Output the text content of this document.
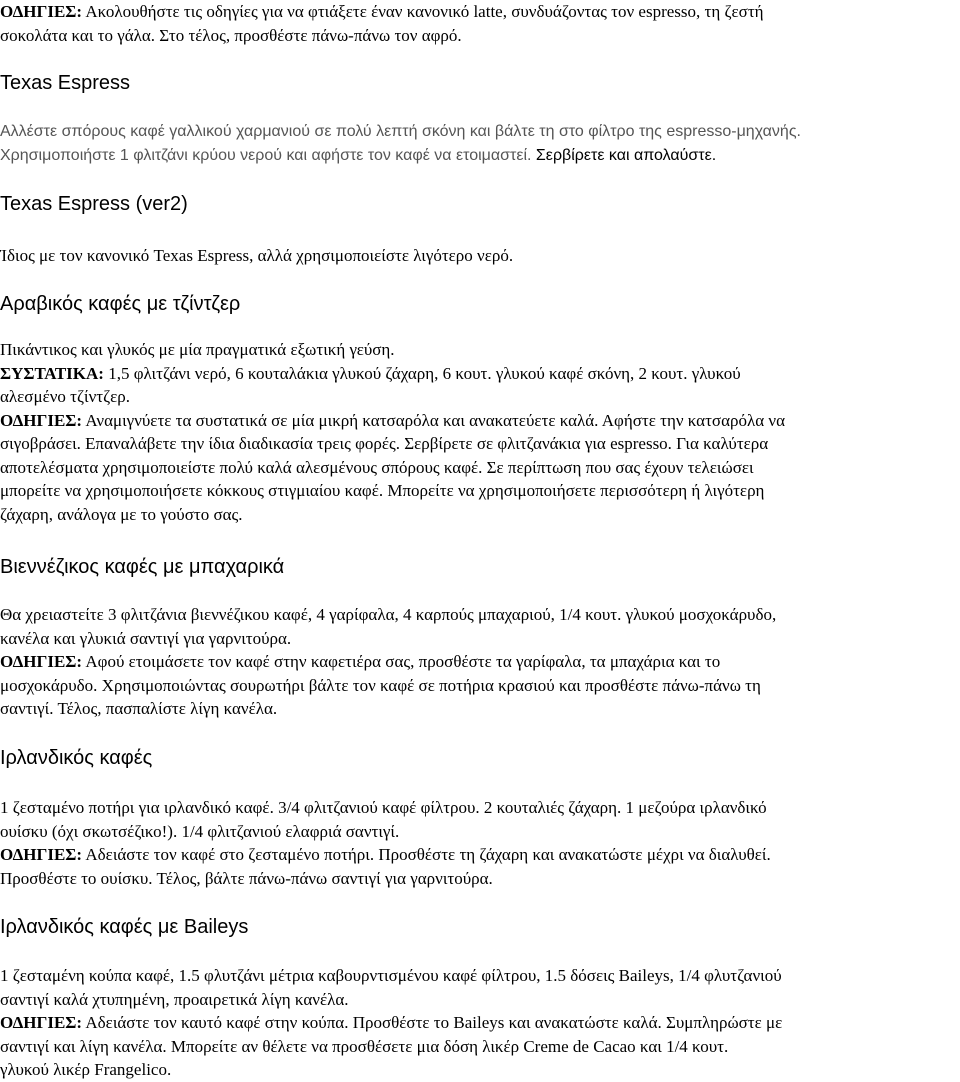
ΟΔΗΓΙΕΣ: Ακολουθήστε τις οδηγίες για να φτιάξετε έναν κανονικό latte, συνδυάζοντας τον espresso, τη ζεστή

σοκολάτα και το γάλα. Στο τέλος, προσθέστε πάνω-πάνω τον αφρό.

Texas Espress

Αλλέστε σπόρους καφέ γαλλικού χαρμανιού σε πολύ λεπτή σκόνη και βάλτε τη στο φίλτρο της espresso-μηχανής.

Χρησιμοποιήστε 1 φλιτζάνι κρύου νερού και αφήστε τον καφέ να ετοιμαστεί. Σερβίρετε και απολαύστε.

Texas Espress (ver2)

Ίδιος με τον κανονικό Texas Espress, αλλά χρησιμοποιείστε λιγότερο νερό.

Αραβικός καφές με τζίντζερ

Πικάντικος και γλυκός με μία πραγματικά εξωτική γεύση.

ΣΥΣΤΑΤΙΚΑ: 1,5 φλιτζάνι νερό, 6 κουταλάκια γλυκού ζάχαρη, 6 κουτ. γλυκού καφέ σκόνη, 2 κουτ. γλυκού

αλεσμένο τζίντζερ.

ΟΔΗΓΙΕΣ: Αναμιγνύετε τα συστατικά σε μία μικρή κατσαρόλα και ανακατεύετε καλά. Αφήστε την κατσαρόλα να

σιγοβράσει. Επαναλάβετε την ίδια διαδικασία τρεις φορές. Σερβίρετε σε φλιτζανάκια για espresso. Για καλύτερα

αποτελέσματα χρησιμοποιείστε πολύ καλά αλεσμένους σπόρους καφέ. Σε περίπτωση που σας έχουν τελειώσει

μπορείτε να χρησιμοποιήσετε κόκκους στιγμιαίου καφέ. Μπορείτε να χρησιμοποιήσετε περισσότερη ή λιγότερη

ζάχαρη, ανάλογα με το γούστο σας.

Βιεννέζικος καφές με μπαχαρικά

Θα χρειαστείτε 3 φλιτζάνια βιεννέζικου καφέ, 4 γαρίφαλα, 4 καρπούς μπαχαριού, 1/4 κουτ. γλυκού μοσχοκάρυδο,

κανέλα και γλυκιά σαντιγί για γαρνιτούρα.

ΟΔΗΓΙΕΣ: Αφού ετοιμάσετε τον καφέ στην καφετιέρα σας, προσθέστε τα γαρίφαλα, τα μπαχάρια και το

μοσχοκάρυδο. Χρησιμοποιώντας σουρωτήρι βάλτε τον καφέ σε ποτήρια κρασιού και προσθέστε πάνω-πάνω τη

σαντιγί. Τέλος, πασπαλίστε λίγη κανέλα.

Ιρλανδικός καφές

1 ζεσταμένο ποτήρι για ιρλανδικό καφέ. 3/4 φλιτζανιού καφέ φίλτρου. 2 κουταλιές ζάχαρη. 1 μεζούρα ιρλανδικό

ουίσκυ (όχι σκωτσέζικο!). 1/4 φλιτζανιού ελαφριά σαντιγί.

ΟΔΗΓΙΕΣ: Αδειάστε τον καφέ στο ζεσταμένο ποτήρι. Προσθέστε τη ζάχαρη και ανακατώστε μέχρι να διαλυθεί.

Προσθέστε το ουίσκυ. Τέλος, βάλτε πάνω-πάνω σαντιγί για γαρνιτούρα.

Ιρλανδικός καφές με Baileys

1 ζεσταμένη κούπα καφέ, 1.5 φλυτζάνι μέτρια καβουρντισμένου καφέ φίλτρου, 1.5 δόσεις Baileys, 1/4 φλυτζανιού

σαντιγί καλά χτυπημένη, προαιρετικά λίγη κανέλα.

ΟΔΗΓΙΕΣ: Αδειάστε τον καυτό καφέ στην κούπα. Προσθέστε το Baileys και ανακατώστε καλά. Συμπληρώστε με

σαντιγί και λίγη κανέλα. Μπορείτε αν θέλετε να προσθέσετε μια δόση λικέρ Creme de Cacao και 1/4 κουτ.

γλυκού λικέρ Frangelico.
